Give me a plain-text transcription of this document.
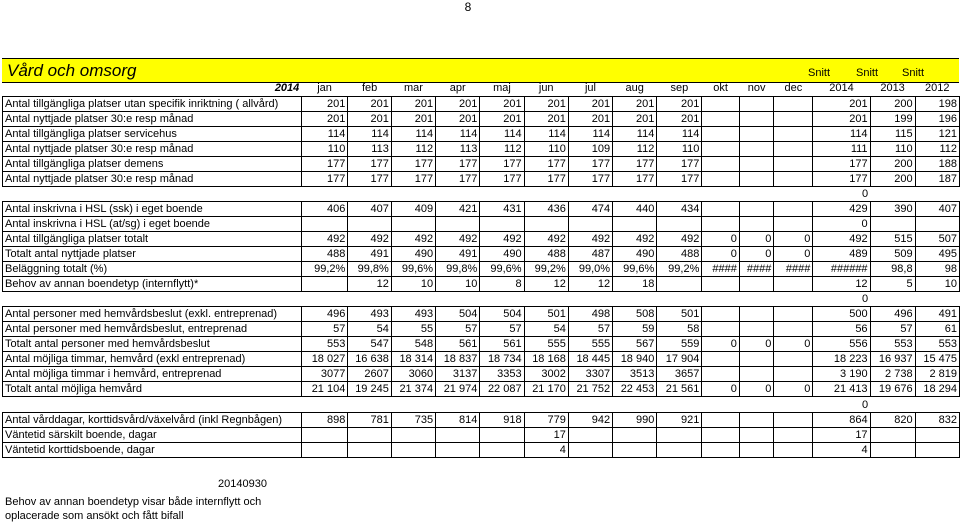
8
Vård och omsorg	Snitt	Snitt	Snitt
2014	jan	feb	mar	apr	maj	jun	jul	aug	sep	okt	nov	dec	2014	2013	2012
Antal tillgängliga platser utan specifik inriktning ( allvård)	201	201	201	201	201	201	201	201	201				201	200	198
Antal nyttjade platser 30:e resp månad	201	201	201	201	201	201	201	201	201				201	199	196
Antal tillgängliga platser servicehus	114	114	114	114	114	114	114	114	114				114	115	121
Antal nyttjade platser 30:e resp månad	110	113	112	113	112	110	109	112	110				111	110	112
Antal tillgängliga platser demens	177	177	177	177	177	177	177	177	177				177	200	188
Antal nyttjade platser 30:e resp månad	177	177	177	177	177	177	177	177	177				177	200	187
													0		
Antal inskrivna i HSL (ssk) i eget boende	406	407	409	421	431	436	474	440	434				429	390	407
Antal inskrivna i HSL (at/sg) i eget boende													0		
Antal tillgängliga platser totalt	492	492	492	492	492	492	492	492	492	0	0	0	492	515	507
Totalt antal nyttjade platser	488	491	490	491	490	488	487	490	488	0	0	0	489	509	495
Beläggning totalt (%)	99,2%	99,8%	99,6%	99,8%	99,6%	99,2%	99,0%	99,6%	99,2%	####	####	####	######	98,8	98
Behov av annan boendetyp (internflytt)*		12	10	10	8	12	12	18					12	5	10
													0		
Antal personer med hemvårdsbeslut (exkl. entreprenad)	496	493	493	504	504	501	498	508	501				500	496	491
Antal personer med hemvårdsbeslut, entreprenad	57	54	55	57	57	54	57	59	58				56	57	61
Totalt antal personer med hemvårdsbeslut	553	547	548	561	561	555	555	567	559	0	0	0	556	553	553
Antal möjliga timmar, hemvård (exkl entreprenad)	18 027	16 638	18 314	18 837	18 734	18 168	18 445	18 940	17 904				18 223	16 937	15 475
Antal möjliga timmar i hemvård, entreprenad	3077	2607	3060	3137	3353	3002	3307	3513	3657				3 190	2 738	2 819
Totalt antal möjliga hemvård	21 104	19 245	21 374	21 974	22 087	21 170	21 752	22 453	21 561	0	0	0	21 413	19 676	18 294
													0		
Antal vårddagar, korttidsvård/växelvård (inkl Regnbågen)	898	781	735	814	918	779	942	990	921				864	820	832
Väntetid särskilt boende, dagar						17							17		
Väntetid korttidsboende, dagar						4							4		
20140930
Behov av annan boendetyp visar både internflytt och oplacerade som ansökt och fått bifall
